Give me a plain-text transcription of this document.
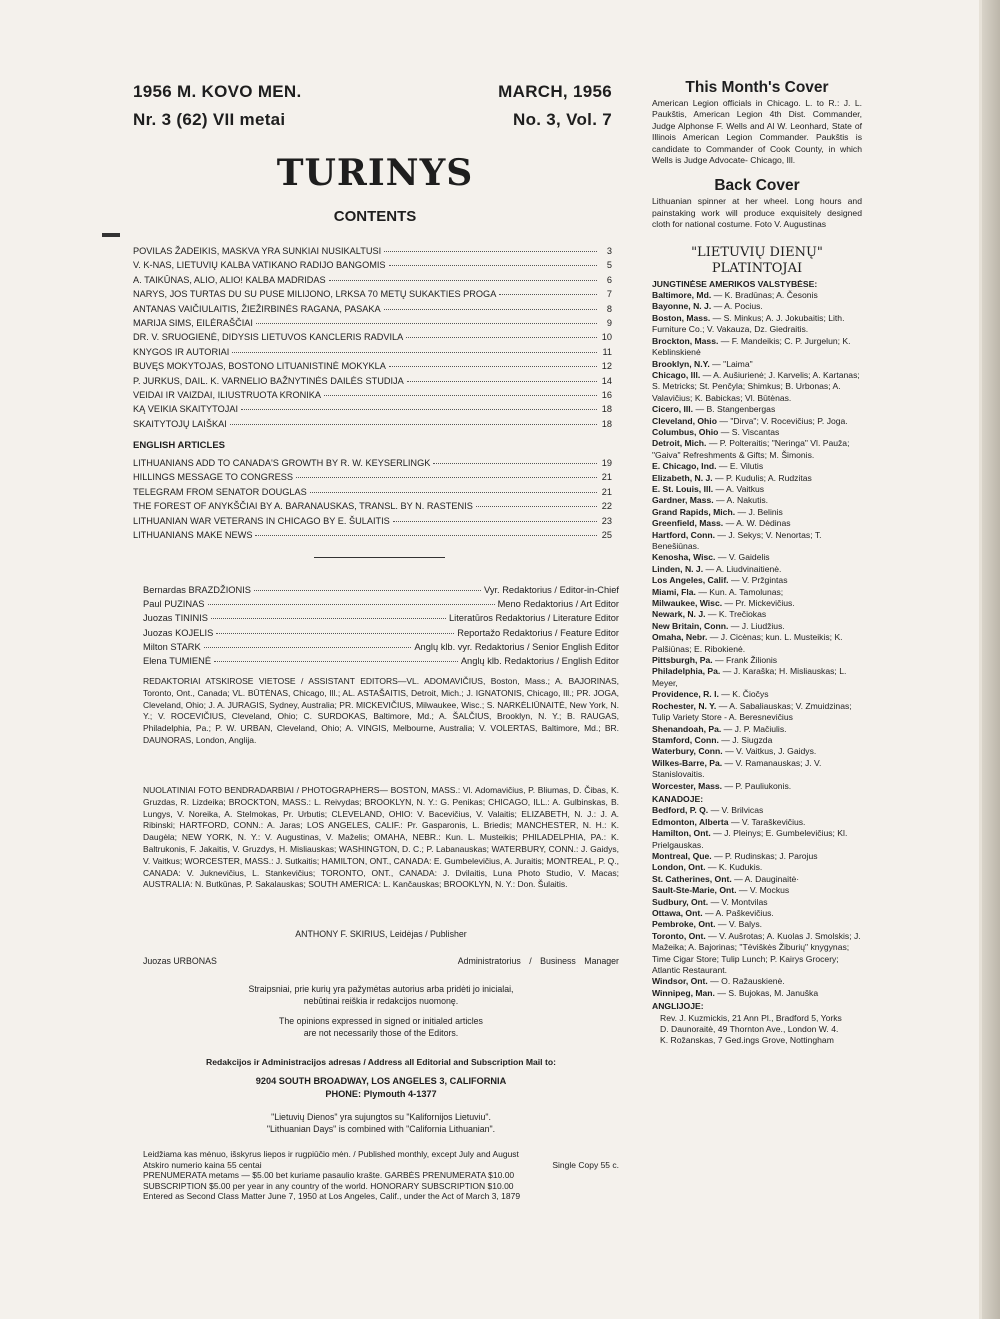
1956 M. KOVO MEN.
Nr. 3 (62) VII metai
MARCH, 1956
No. 3, Vol. 7
TURINYS
CONTENTS
POVILAS ŽADEIKIS, MASKVA YRA SUNKIAI NUSIKALTUSI	3
V. K-NAS, LIETUVIŲ KALBA VATIKANO RADIJO BANGOMIS	5
A. TAIKŪNAS, ALIO, ALIO! KALBA MADRIDAS	6
NARYS, JOS TURTAS DU SU PUSE MILIJONO, LRKSA 70 METŲ SUKAKTIES PROGA	7
ANTANAS VAIČIULAITIS, ŽIEŽIRBINĖS RAGANA, PASAKA	8
MARIJA SIMS, EILĖRAŠČIAI	9
DR. V. SRUOGIENĖ, DIDYSIS LIETUVOS KANCLERIS RADVILA	10
KNYGOS IR AUTORIAI	11
BUVĘS MOKYTOJAS, BOSTONO LITUANISTINĖ MOKYKLA	12
P. JURKUS, DAIL. K. VARNELIO BAŽNYTINĖS DAILĖS STUDIJA	14
VEIDAI IR VAIZDAI, ILIUSTRUOTA KRONIKA	16
KĄ VEIKIA SKAITYTOJAI	18
SKAITYTOJŲ LAIŠKAI	18
ENGLISH ARTICLES
LITHUANIANS ADD TO CANADA'S GROWTH BY R. W. KEYSERLINGK	19
HILLINGS MESSAGE TO CONGRESS	21
TELEGRAM FROM SENATOR DOUGLAS	21
THE FOREST OF ANYKŠČIAI BY A. BARANAUSKAS, TRANSL. BY N. RASTENIS	22
LITHUANIAN WAR VETERANS IN CHICAGO BY E. ŠULAITIS	23
LITHUANIANS MAKE NEWS	25
Bernardas BRAZDŽIONIS	Vyr. Redaktorius / Editor-in-Chief
Paul PUZINAS	Meno Redaktorius / Art Editor
Juozas TININIS	Literatūros Redaktorius / Literature Editor
Juozas KOJELIS	Reportažo Redaktorius / Feature Editor
Milton STARK	Anglų klb. vyr. Redaktorius / Senior English Editor
Elena TUMIENĖ	Anglų klb. Redaktorius / English Editor
REDAKTORIAI ATSKIROSE VIETOSE / ASSISTANT EDITORS—VL. ADOMAVIČIUS, Boston, Mass.; A. BAJORINAS, Toronto, Ont., Canada; VL. BŪTĖNAS, Chicago, Ill.; AL. ASTAŠAITIS, Detroit, Mich.; J. IGNATONIS, Chicago, Ill.; PR. JOGA, Cleveland, Ohio; J. A. JURAGIS, Sydney, Australia; PR. MICKEVIČIUS, Milwaukee, Wisc.; S. NARKĖLIŪNAITĖ, New York, N. Y.; V. ROCEVIČIUS, Cleveland, Ohio; C. SURDOKAS, Baltimore, Md.; A. ŠALČIUS, Brooklyn, N. Y.; B. RAUGAS, Philadelphia, Pa.; P. W. URBAN, Cleveland, Ohio; A. VINGIS, Melbourne, Australia; V. VOLERTAS, Baltimore, Md.; BR. DAUNORAS, London, Anglija.
NUOLATINIAI FOTO BENDRADARBIAI / PHOTOGRAPHERS— BOSTON, MASS.: Vl. Adomavičius, P. Bliumas, D. Čibas, K. Gruzdas, R. Lizdeika; BROCKTON, MASS.: L. Reivydas; BROOKLYN, N. Y.: G. Penikas; CHICAGO, ILL.: A. Gulbinskas, B. Lungys, V. Noreika, A. Stelmokas, Pr. Urbutis; CLEVELAND, OHIO: V. Bacevičius, V. Valaitis; ELIZABETH, N. J.: J. A. Ribinski; HARTFORD, CONN.: A. Jaras; LOS ANGELES, CALIF.: Pr. Gasparonis, L. Briedis; MANCHESTER, N. H.: K. Daugėla; NEW YORK, N. Y.: V. Augustinas, V. Maželis; OMAHA, NEBR.: Kun. L. Musteikis; PHILADELPHIA, PA.: K. Baltrukonis, F. Jakaitis, V. Gruzdys, H. Misliauskas; WASHINGTON, D. C.; P. Labanauskas; WATERBURY, CONN.: J. Gaidys, V. Vaitkus; WORCESTER, MASS.: J. Sutkaitis; HAMILTON, ONT., CANADA: E. Gumbelevičius, A. Juraitis; MONTREAL, P. Q., CANADA: V. Juknevičius, L. Stankevičius; TORONTO, ONT., CANADA: J. Dvilaitis, Luna Photo Studio, V. Macas; AUSTRALIA: N. Butkūnas, P. Sakalauskas; SOUTH AMERICA: L. Kančauskas; BROOKLYN, N. Y.: Don. Šulaitis.
ANTHONY F. SKIRIUS, Leidėjas / Publisher
Juozas URBONAS	Administratorius / Business Manager
Straipsniai, prie kurių yra pažymėtas autorius arba pridėti jo inicialai,
nebūtinai reiškia ir redakcijos nuomonę.
The opinions expressed in signed or initialed articles
are not necessarily those of the Editors.
Redakcijos ir Administracijos adresas / Address all Editorial and Subscription Mail to:
9204 SOUTH BROADWAY, LOS ANGELES 3, CALIFORNIA
PHONE: Plymouth 4-1377
"Lietuvių Dienos" yra sujungtos su "Kalifornijos Lietuviu".
"Lithuanian Days" is combined with "California Lithuanian".
Leidžiama kas mėnuo, išskyrus liepos ir rugpiūčio mėn. / Published monthly, except July and August
Atskiro numerio kaina 55 centai	Single Copy 55 c.
PRENUMERATA metams — $5.00 bet kuriame pasaulio krašte. GARBĖS PRENUMERATA $10.00
SUBSCRIPTION $5.00 per year in any country of the world. HONORARY SUBSCRIPTION $10.00
Entered as Second Class Matter June 7, 1950 at Los Angeles, Calif., under the Act of March 3, 1879
This Month's Cover
American Legion officials in Chicago. L. to R.: J. L. Paukštis, American Legion 4th Dist. Commander, Judge Alphonse F. Wells and Al W. Leonhard, State of Illinois American Legion Commander. Paukštis is candidate to Commander of Cook County, in which Wells is Judge Advocate- Chicago, Ill.
Back Cover
Lithuanian spinner at her wheel. Long hours and painstaking work will produce exquisitely designed cloth for national costume. Foto V. Augustinas
"LIETUVIŲ DIENŲ"
PLATINTOJAI
JUNGTINĖSE AMERIKOS VALSTYBĖSE:
Baltimore, Md. — K. Bradūnas; A. Česonis
Bayonne, N. J. — A. Pocius.
Boston, Mass. — S. Minkus; A. J. Jokubaitis; Lith. Furniture Co.; V. Vakauza, Dz. Giedraitis.
Brockton, Mass. — F. Mandeikis; C. P. Jurgelun; K. Keblinskienė
Brooklyn, N.Y. — "Laima"
Chicago, Ill. — A. Aušiurienė; J. Karvelis; A. Kartanas; S. Metricks; St. Penčyla; Shimkus; B. Urbonas; A. Valavičius; K. Babickas; Vl. Būtėnas.
Cicero, Ill. — B. Stangenbergas
Cleveland, Ohio — "Dirva"; V. Rocevičius; P. Joga.
Columbus, Ohio — S. Viscantas
Detroit, Mich. — P. Polteraitis; "Neringa" Vl. Pauža; "Gaiva" Refreshments & Gifts; M. Šimonis.
E. Chicago, Ind. — E. Vilutis
Elizabeth, N. J. — P. Kudulis; A. Rudzitas
E. St. Louis, Ill. — A. Vaitkus
Gardner, Mass. — A. Nakutis.
Grand Rapids, Mich. — J. Belinis
Greenfield, Mass. — A. W. Dėdinas
Hartford, Conn. — J. Sekys; V. Nenortas; T. Benešiūnas.
Kenosha, Wisc. — V. Gaidelis
Linden, N. J. — A. Liudvinaitienė.
Los Angeles, Calif. — V. Pržgintas
Miami, Fla. — Kun. A. Tamolunas;
Milwaukee, Wisc. — Pr. Mickevičius.
Newark, N. J. — K. Trečiokas
New Britain, Conn. — J. Liudžius.
Omaha, Nebr. — J. Cicėnas; kun. L. Musteikis; K. Palšiūnas; E. Ribokienė.
Pittsburgh, Pa. — Frank Žilionis
Philadelphia, Pa. — J. Karaška; H. Misliauskas; L. Meyer,
Providence, R. I. — K. Čiočys
Rochester, N. Y. — A. Sabaliauskas; V. Zmuidzinas; Tulip Variety Store - A. Beresnevičius
Shenandoah, Pa. — J. P. Mačiulis.
Stamford, Conn. — J. Siugzda
Waterbury, Conn. — V. Vaitkus, J. Gaidys.
Wilkes-Barre, Pa. — V. Ramanauskas; J. V. Stanislovaitis.
Worcester, Mass. — P. Pauliukonis.
KANADOJE:
Bedford, P. Q. — V. Brilvicas
Edmonton, Alberta — V. Taraškevičius.
Hamilton, Ont. — J. Pleinys; E. Gumbelevičius; Kl. Prielgauskas.
Montreal, Que. — P. Rudinskas; J. Parojus
London, Ont. — K. Kudukis.
St. Catherines, Ont. — A. Dauginaitė·
Sault-Ste-Marie, Ont. — V. Mockus
Sudbury, Ont. — V. Montvilas
Ottawa, Ont. — A. Paškevičius.
Pembroke, Ont. — V. Balys.
Toronto, Ont. — V. Aušrotas; A. Kuolas J. Smolskis; J. Mažeika; A. Bajorinas; "Tėviškės Žiburių" knygynas; Time Cigar Store; Tulip Lunch; P. Kairys Grocery; Atlantic Restaurant.
Windsor, Ont. — O. Ražauskienė.
Winnipeg, Man. — S. Bujokas, M. Januška
ANGLIJOJE:
Rev. J. Kuzmickis, 21 Ann Pl., Bradford 5, Yorks
D. Daunoraitė, 49 Thornton Ave., London W. 4.
K. Rožanskas, 7 Ged.ings Grove, Nottingham
